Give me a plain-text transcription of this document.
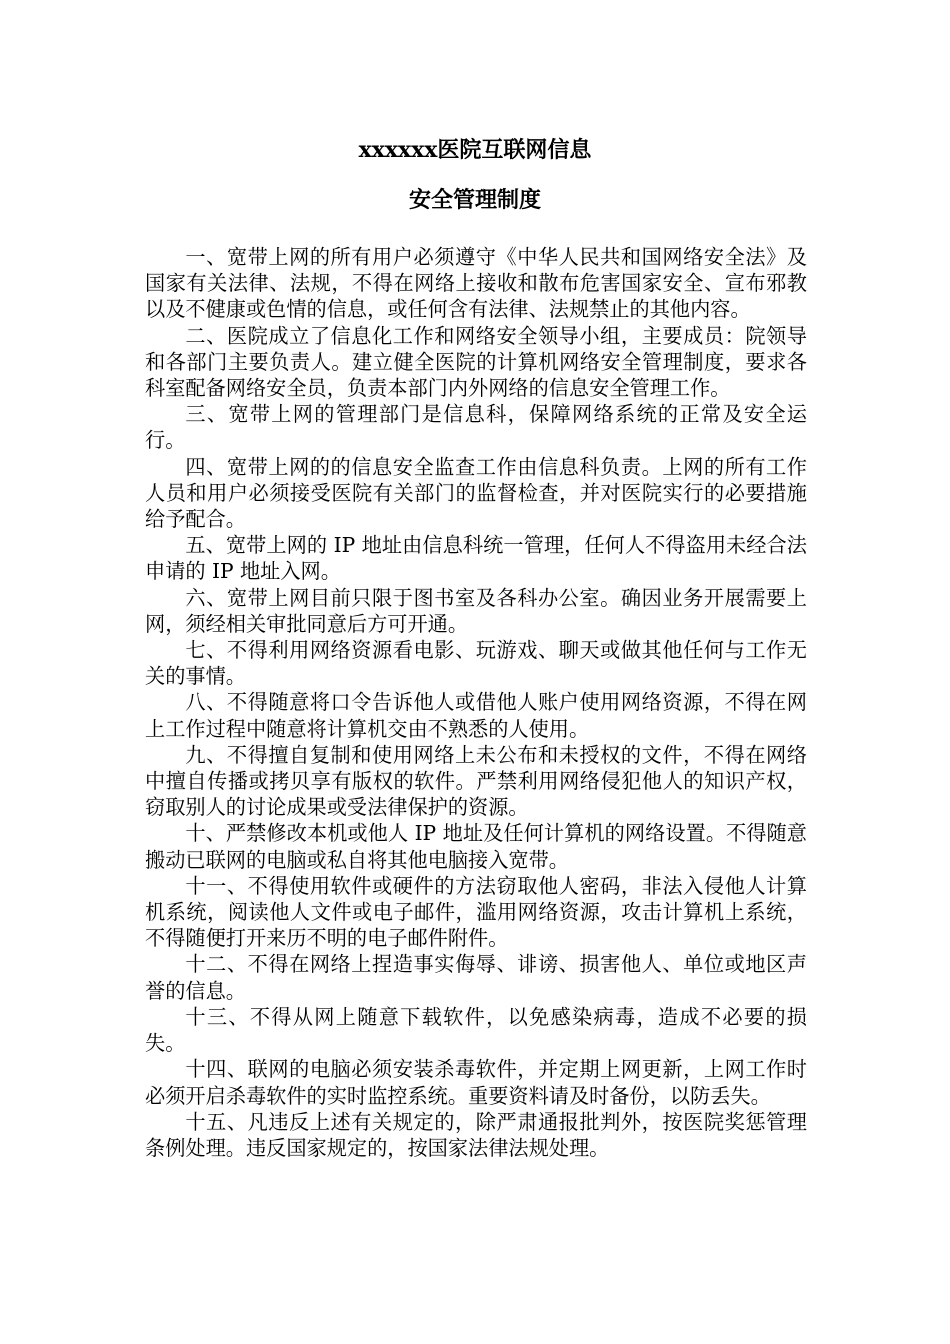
xxxxxx医院互联网信息
安全管理制度

一、宽带上网的所有用户必须遵守《中华人民共和国网络安全法》及国家有关法律、法规，不得在网络上接收和散布危害国家安全、宣布邪教以及不健康或色情的信息，或任何含有法律、法规禁止的其他内容。

二、医院成立了信息化工作和网络安全领导小组，主要成员：院领导和各部门主要负责人。建立健全医院的计算机网络安全管理制度，要求各科室配备网络安全员，负责本部门内外网络的信息安全管理工作。

三、宽带上网的管理部门是信息科，保障网络系统的正常及安全运行。

四、宽带上网的的信息安全监查工作由信息科负责。上网的所有工作人员和用户必须接受医院有关部门的监督检查，并对医院实行的必要措施给予配合。

五、宽带上网的 IP 地址由信息科统一管理，任何人不得盗用未经合法申请的 IP 地址入网。

六、宽带上网目前只限于图书室及各科办公室。确因业务开展需要上网，须经相关审批同意后方可开通。

七、不得利用网络资源看电影、玩游戏、聊天或做其他任何与工作无关的事情。

八、不得随意将口令告诉他人或借他人账户使用网络资源，不得在网上工作过程中随意将计算机交由不熟悉的人使用。

九、不得擅自复制和使用网络上未公布和未授权的文件，不得在网络中擅自传播或拷贝享有版权的软件。严禁利用网络侵犯他人的知识产权，窃取别人的讨论成果或受法律保护的资源。

十、严禁修改本机或他人 IP 地址及任何计算机的网络设置。不得随意搬动已联网的电脑或私自将其他电脑接入宽带。

十一、不得使用软件或硬件的方法窃取他人密码，非法入侵他人计算机系统，阅读他人文件或电子邮件，滥用网络资源，攻击计算机上系统，不得随便打开来历不明的电子邮件附件。

十二、不得在网络上捏造事实侮辱、诽谤、损害他人、单位或地区声誉的信息。

十三、不得从网上随意下载软件，以免感染病毒，造成不必要的损失。

十四、联网的电脑必须安装杀毒软件，并定期上网更新，上网工作时必须开启杀毒软件的实时监控系统。重要资料请及时备份，以防丢失。

十五、凡违反上述有关规定的，除严肃通报批判外，按医院奖惩管理条例处理。违反国家规定的，按国家法律法规处理。
